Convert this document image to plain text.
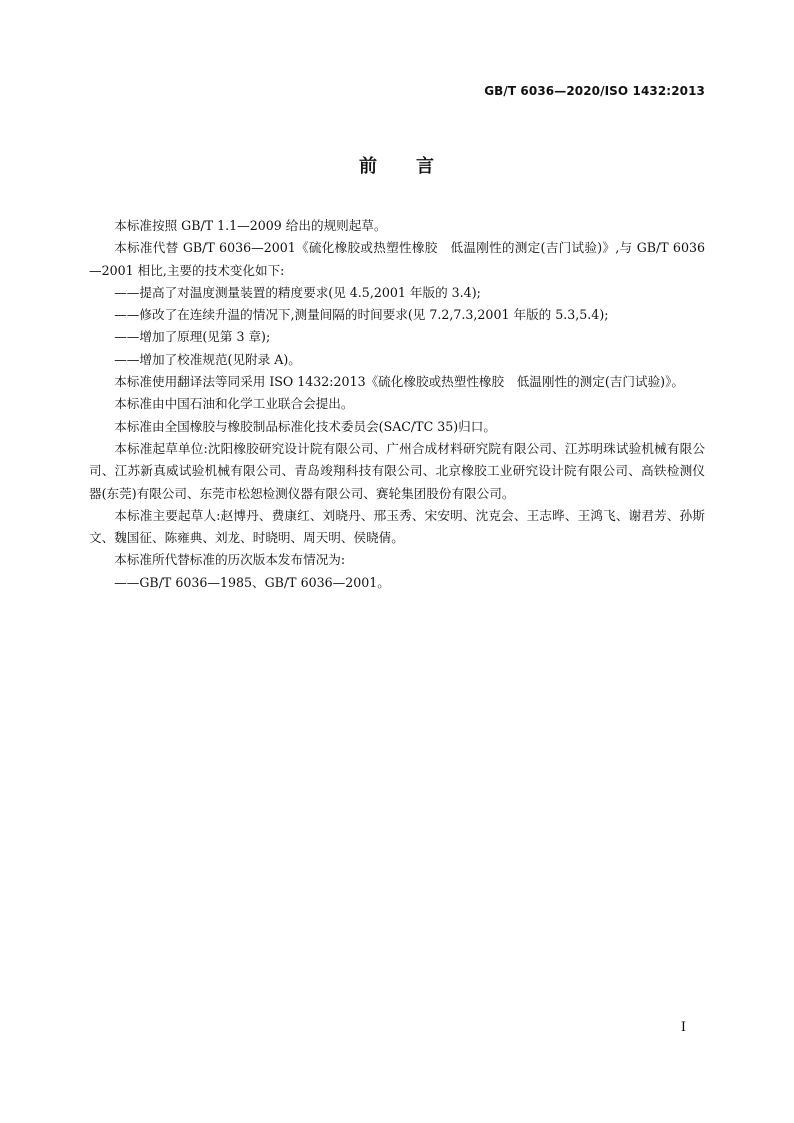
GB/T 6036—2020/ISO 1432:2013
前 言

本标准按照 GB/T 1.1—2009 给出的规则起草。

本标准代替 GB/T 6036—2001《硫化橡胶或热塑性橡胶　低温刚性的测定(吉门试验)》,与 GB/T 6036—2001 相比,主要的技术变化如下:

——提高了对温度测量装置的精度要求(见 4.5,2001 年版的 3.4);

——修改了在连续升温的情况下,测量间隔的时间要求(见 7.2,7.3,2001 年版的 5.3,5.4);

——增加了原理(见第 3 章);

——增加了校准规范(见附录 A)。

本标准使用翻译法等同采用 ISO 1432:2013《硫化橡胶或热塑性橡胶　低温刚性的测定(吉门试验)》。

本标准由中国石油和化学工业联合会提出。

本标准由全国橡胶与橡胶制品标准化技术委员会(SAC/TC 35)归口。

本标准起草单位:沈阳橡胶研究设计院有限公司、广州合成材料研究院有限公司、江苏明珠试验机械有限公司、江苏新真威试验机械有限公司、青岛竣翔科技有限公司、北京橡胶工业研究设计院有限公司、高铁检测仪器(东莞)有限公司、东莞市松恕检测仪器有限公司、赛轮集团股份有限公司。

本标准主要起草人:赵博丹、费康红、刘晓丹、邢玉秀、宋安明、沈克会、王志晔、王鸿飞、谢君芳、孙斯文、魏国征、陈雍典、刘龙、时晓明、周天明、侯晓倩。

本标准所代替标准的历次版本发布情况为:

——GB/T 6036—1985、GB/T 6036—2001。

I
